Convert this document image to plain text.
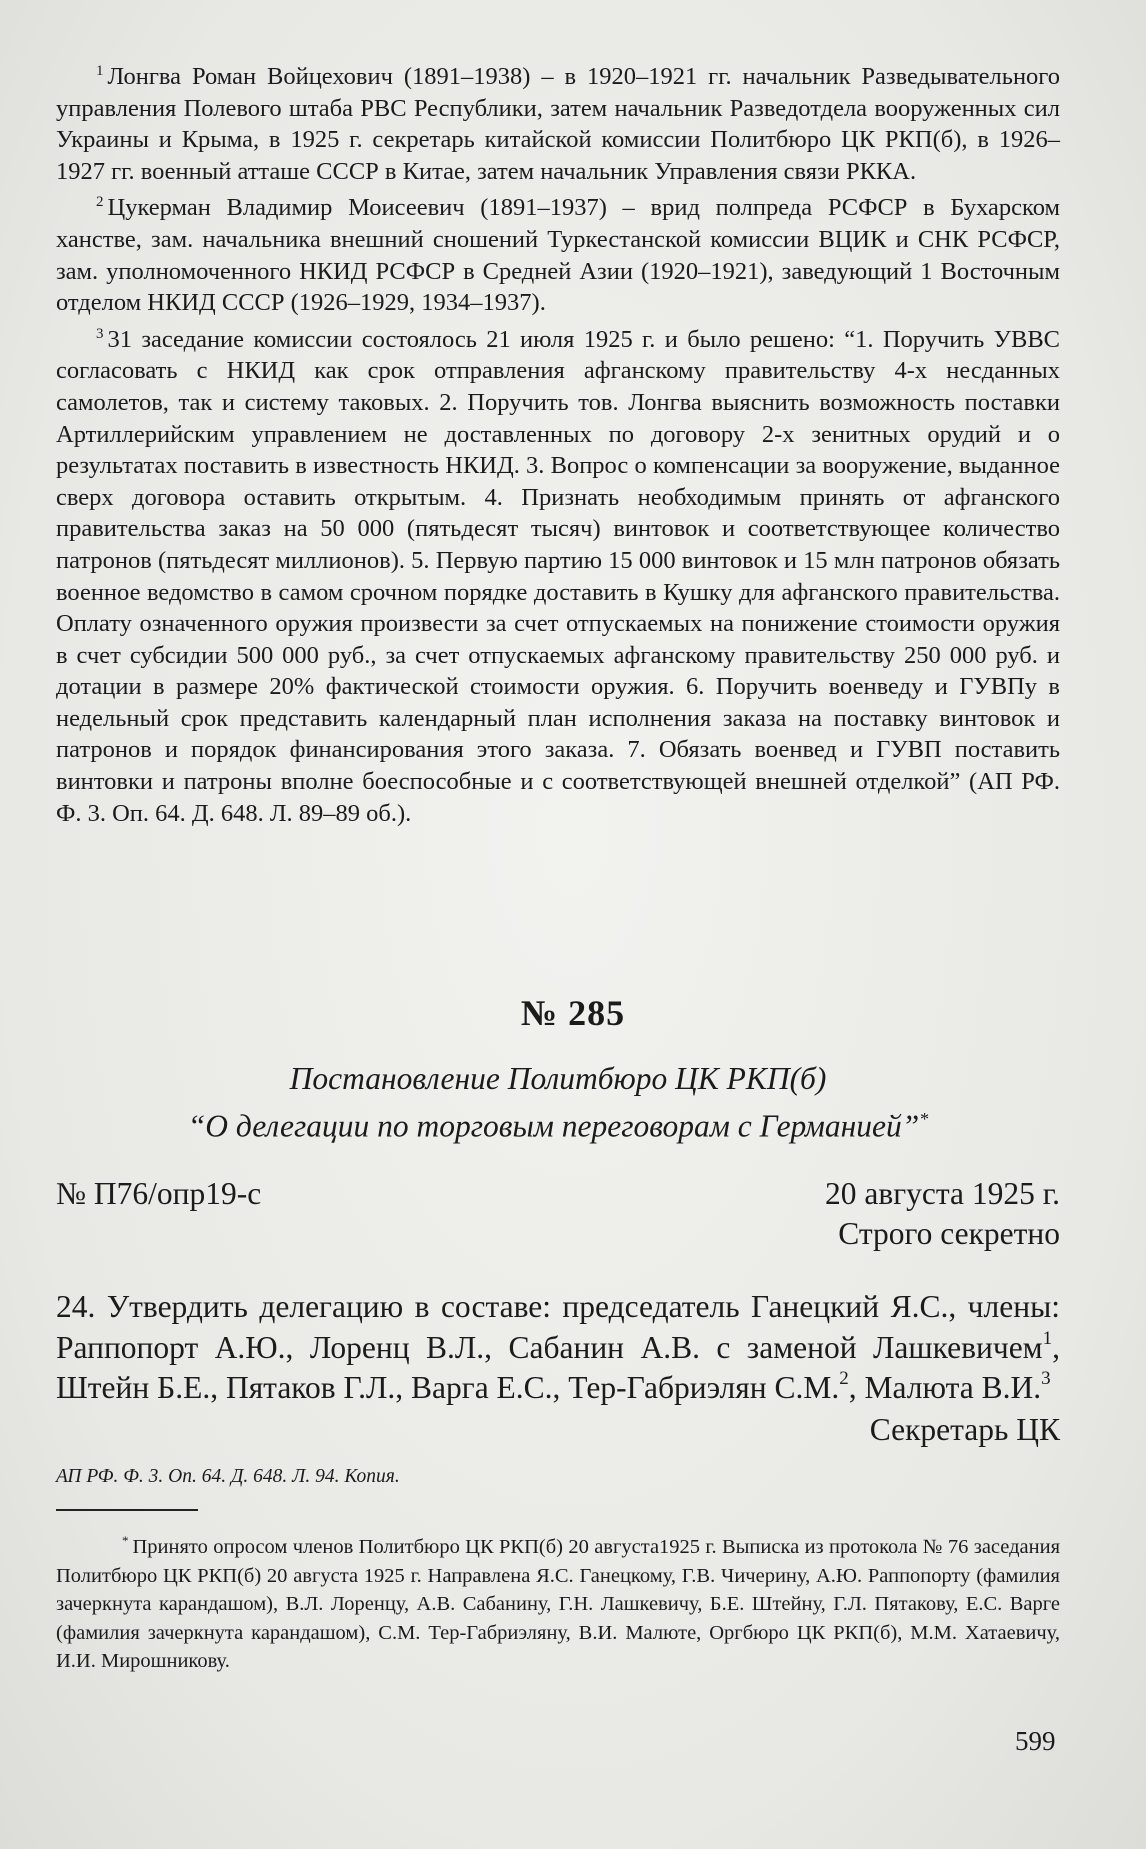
$^1$ Лонгва Роман Войцехович (1891–1938) – в 1920–1921 гг. начальник Разведывательного управления Полевого штаба РВС Республики, затем начальник Разведотдела вооруженных сил Украины и Крыма, в 1925 г. секретарь китайской комиссии Политбюро ЦК РКП(б), в 1926–1927 гг. военный атташе СССР в Китае, затем начальник Управления связи РККА.

$^2$ Цукерман Владимир Моисеевич (1891–1937) – врид полпреда РСФСР в Бухарском ханстве, зам. начальника внешний сношений Туркестанской комиссии ВЦИК и СНК РСФСР, зам. уполномоченного НКИД РСФСР в Средней Азии (1920–1921), заведующий 1 Восточным отделом НКИД СССР (1926–1929, 1934–1937).

$^3$ 31 заседание комиссии состоялось 21 июля 1925 г. и было решено: “1. Поручить УВВС согласовать с НКИД как срок отправления афганскому правительству 4-х несданных самолетов, так и систему таковых. 2. Поручить тов. Лонгва выяснить возможность поставки Артиллерийским управлением не доставленных по договору 2-х зенитных орудий и о результатах поставить в известность НКИД. 3. Вопрос о компенсации за вооружение, выданное сверх договора оставить открытым. 4. Признать необходимым принять от афганского правительства заказ на 50 000 (пятьдесят тысяч) винтовок и соответствующее количество патронов (пятьдесят миллионов). 5. Первую партию 15 000 винтовок и 15 млн патронов обязать военное ведомство в самом срочном порядке доставить в Кушку для афганского правительства. Оплату означенного оружия произвести за счет отпускаемых на понижение стоимости оружия в счет субсидии 500 000 руб., за счет отпускаемых афганскому правительству 250 000 руб. и дотации в размере 20% фактической стоимости оружия. 6. Поручить военведу и ГУВПу в недельный срок представить календарный план исполнения заказа на поставку винтовок и патронов и порядок финансирования этого заказа. 7. Обязать военвед и ГУВП поставить винтовки и патроны вполне боеспособные и с соответствующей внешней отделкой” (АП РФ. Ф. 3. Оп. 64. Д. 648. Л. 89–89 об.).

№ 285
Постановление Политбюро ЦК РКП(б)
“О делегации по торговым переговорам с Германией”*
№ П76/опр19-с	20 августа 1925 г.
Строго секретно

24. Утвердить делегацию в составе: председатель Ганецкий Я.С., члены: Раппопорт А.Ю., Лоренц В.Л., Сабанин А.В. с заменой Лашкевичем$^1$, Штейн Б.Е., Пятаков Г.Л., Варга Е.С., Тер-Габриэлян С.М.$^2$, Малюта В.И.$^3$

Секретарь ЦК
АП РФ. Ф. 3. Оп. 64. Д. 648. Л. 94. Копия.

* Принято опросом членов Политбюро ЦК РКП(б) 20 августа1925 г. Выписка из протокола № 76 заседания Политбюро ЦК РКП(б) 20 августа 1925 г. Направлена Я.С. Ганецкому, Г.В. Чичерину, А.Ю. Раппопорту (фамилия зачеркнута карандашом), В.Л. Лоренцу, А.В. Сабанину, Г.Н. Лашкевичу, Б.Е. Штейну, Г.Л. Пятакову, Е.С. Варге (фамилия зачеркнута карандашом), С.М. Тер-Габриэляну, В.И. Малюте, Оргбюро ЦК РКП(б), М.М. Хатаевичу, И.И. Мирошникову.

599
